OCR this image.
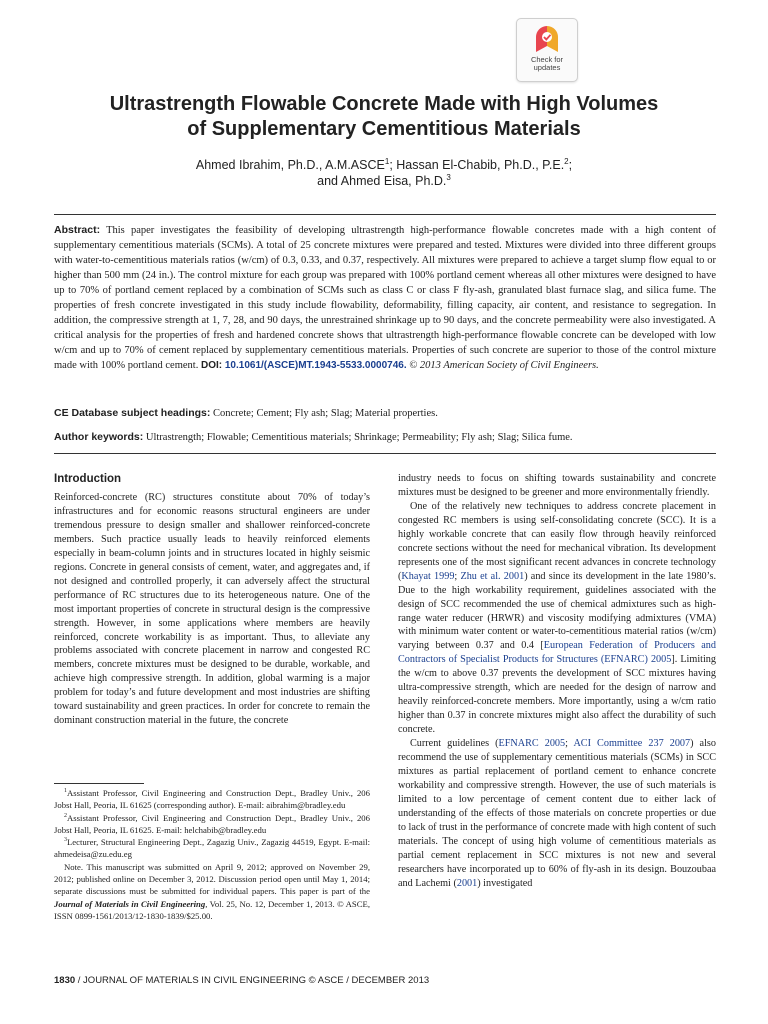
Check for
updates
Ultrastrength Flowable Concrete Made with High Volumes
of Supplementary Cementitious Materials
Ahmed Ibrahim, Ph.D., A.M.ASCE$^1$; Hassan El-Chabib, Ph.D., P.E.$^2$;
and Ahmed Eisa, Ph.D.$^3$
Abstract: This paper investigates the feasibility of developing ultrastrength high-performance flowable concretes made with a high content of supplementary cementitious materials (SCMs). A total of 25 concrete mixtures were prepared and tested. Mixtures were divided into three different groups with water-to-cementitious materials ratios (w/cm) of 0.3, 0.33, and 0.37, respectively. All mixtures were prepared to achieve a target slump flow equal to or higher than 500 mm (24 in.). The control mixture for each group was prepared with 100% portland cement whereas all other mixtures were designed to have up to 70% of portland cement replaced by a combination of SCMs such as class C or class F fly-ash, granulated blast furnace slag, and silica fume. The properties of fresh concrete investigated in this study include flowability, deformability, filling capacity, air content, and resistance to segregation. In addition, the compressive strength at 1, 7, 28, and 90 days, the unrestrained shrinkage up to 90 days, and the concrete permeability were also investigated. A critical analysis for the properties of fresh and hardened concrete shows that ultrastrength high-performance flowable concrete can be developed with low w/cm and up to 70% of cement replaced by supplementary cementitious materials. Properties of such concrete are superior to those of the control mixture made with 100% portland cement. DOI: 10.1061/(ASCE)MT.1943-5533.0000746. © 2013 American Society of Civil Engineers.
CE Database subject headings: Concrete; Cement; Fly ash; Slag; Material properties.
Author keywords: Ultrastrength; Flowable; Cementitious materials; Shrinkage; Permeability; Fly ash; Slag; Silica fume.
Introduction

Reinforced-concrete (RC) structures constitute about 70% of today’s infrastructures and for economic reasons structural engineers are under tremendous pressure to design smaller and shallower reinforced-concrete members. Such practice usually leads to heavily reinforced elements especially in beam-column joints and in structures located in highly seismic regions. Concrete in general consists of cement, water, and aggregates and, if not designed and controlled properly, it can adversely affect the structural performance of RC structures due to its heterogeneous nature. One of the most important properties of concrete in structural design is the compressive strength. However, in some applications where members are heavily reinforced, concrete workability is as important. Thus, to alleviate any problems associated with concrete placement in narrow and congested RC members, concrete mixtures must be designed to be durable, workable, and achieve high compressive strength. In addition, global warming is a major problem for today’s and future development and most industries are shifting toward sustainability and green practices. In order for concrete to remain the dominant construction material in the future, the concrete

$^1$Assistant Professor, Civil Engineering and Construction Dept., Bradley Univ., 206 Jobst Hall, Peoria, IL 61625 (corresponding author). E-mail: aibrahim@bradley.edu

$^2$Assistant Professor, Civil Engineering and Construction Dept., Bradley Univ., 206 Jobst Hall, Peoria, IL 61625. E-mail: helchabib@bradley.edu

$^3$Lecturer, Structural Engineering Dept., Zagazig Univ., Zagazig 44519, Egypt. E-mail: ahmedeisa@zu.edu.eg

Note. This manuscript was submitted on April 9, 2012; approved on November 29, 2012; published online on December 3, 2012. Discussion period open until May 1, 2014; separate discussions must be submitted for individual papers. This paper is part of the Journal of Materials in Civil Engineering, Vol. 25, No. 12, December 1, 2013. © ASCE, ISSN 0899-1561/2013/12-1830-1839/$25.00.

industry needs to focus on shifting towards sustainability and concrete mixtures must be designed to be greener and more environmentally friendly.

One of the relatively new techniques to address concrete placement in congested RC members is using self-consolidating concrete (SCC). It is a highly workable concrete that can easily flow through heavily reinforced concrete sections without the need for mechanical vibration. Its development represents one of the most significant recent advances in concrete technology (Khayat 1999; Zhu et al. 2001) and since its development in the late 1980’s. Due to the high workability requirement, guidelines associated with the design of SCC recommended the use of chemical admixtures such as high-range water reducer (HRWR) and viscosity modifying admixtures (VMA) with minimum water content or water-to-cementitious material ratios (w/cm) varying between 0.37 and 0.4 [European Federation of Producers and Contractors of Specialist Products for Structures (EFNARC) 2005]. Limiting the w/cm to above 0.37 prevents the development of SCC mixtures having ultra-compressive strength, which are needed for the design of narrow and heavily reinforced-concrete members. More importantly, using a w/cm ratio higher than 0.37 in concrete mixtures might also affect the durability of such concrete.

Current guidelines (EFNARC 2005; ACI Committee 237 2007) also recommend the use of supplementary cementitious materials (SCMs) in SCC mixtures as partial replacement of portland cement to enhance concrete workability and compressive strength. However, the use of such materials is limited to a low percentage of cement content due to either lack of understanding of the effects of those materials on concrete properties or due to lack of trust in the performance of concrete made with high content of such materials. The concept of using high volume of cementitious materials as partial cement replacement in SCC mixtures is not new and several researchers have incorporated up to 60% of fly-ash in its design. Bouzoubaa and Lachemi (2001) investigated

1830 / JOURNAL OF MATERIALS IN CIVIL ENGINEERING © ASCE / DECEMBER 2013
